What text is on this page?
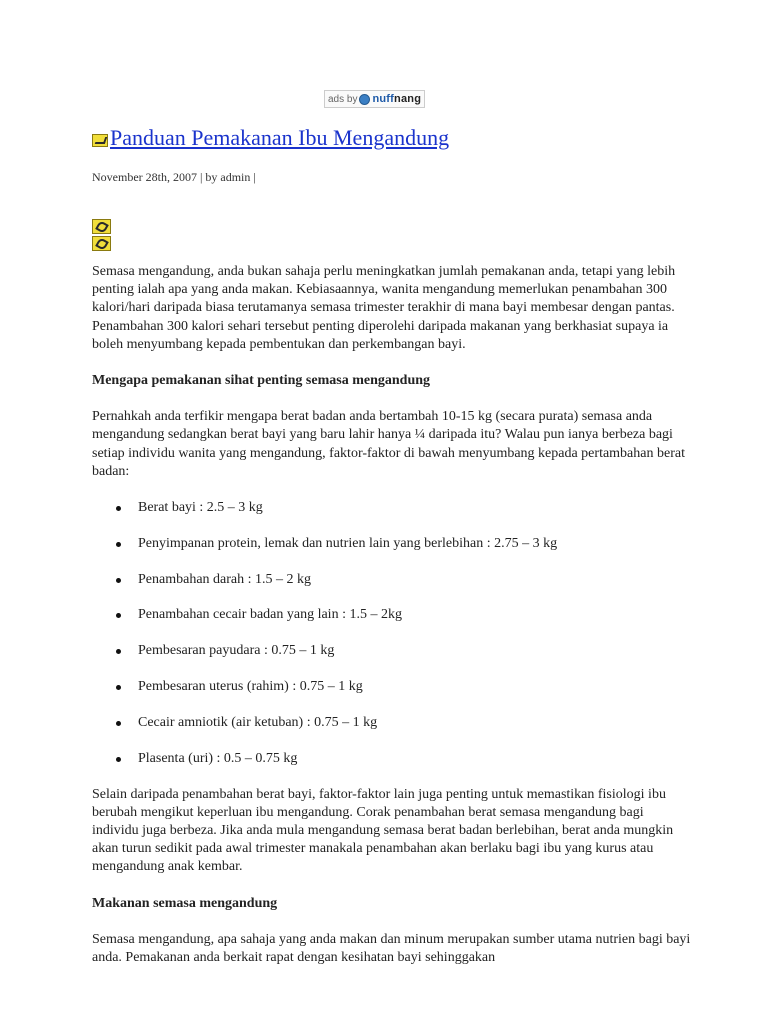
ads by nuffnang
Panduan Pemakanan Ibu Mengandung
November 28th, 2007 | by admin |

Semasa mengandung, anda bukan sahaja perlu meningkatkan jumlah pemakanan anda, tetapi yang lebih penting ialah apa yang anda makan. Kebiasaannya, wanita mengandung memerlukan penambahan 300 kalori/hari daripada biasa terutamanya semasa trimester terakhir di mana bayi membesar dengan pantas. Penambahan 300 kalori sehari tersebut penting diperolehi daripada makanan yang berkhasiat supaya ia boleh menyumbang kepada pembentukan dan perkembangan bayi.

Mengapa pemakanan sihat penting semasa mengandung

Pernahkah anda terfikir mengapa berat badan anda bertambah 10-15 kg (secara purata) semasa anda mengandung sedangkan berat bayi yang baru lahir hanya ¼ daripada itu? Walau pun ianya berbeza bagi setiap individu wanita yang mengandung, faktor-faktor di bawah menyumbang kepada pertambahan berat badan:

Berat bayi : 2.5 – 3 kg
Penyimpanan protein, lemak dan nutrien lain yang berlebihan : 2.75 – 3 kg
Penambahan darah : 1.5 – 2 kg
Penambahan cecair badan yang lain : 1.5 – 2kg
Pembesaran payudara : 0.75 – 1 kg
Pembesaran uterus (rahim) : 0.75 – 1 kg
Cecair amniotik (air ketuban) : 0.75 – 1 kg
Plasenta (uri) : 0.5 – 0.75 kg

Selain daripada penambahan berat bayi, faktor-faktor lain juga penting untuk memastikan fisiologi ibu berubah mengikut keperluan ibu mengandung. Corak penambahan berat semasa mengandung bagi individu juga berbeza. Jika anda mula mengandung semasa berat badan berlebihan, berat anda mungkin akan turun sedikit pada awal trimester manakala penambahan akan berlaku bagi ibu yang kurus atau mengandung anak kembar.

Makanan semasa mengandung

Semasa mengandung, apa sahaja yang anda makan dan minum merupakan sumber utama nutrien bagi bayi anda. Pemakanan anda berkait rapat dengan kesihatan bayi sehinggakan
